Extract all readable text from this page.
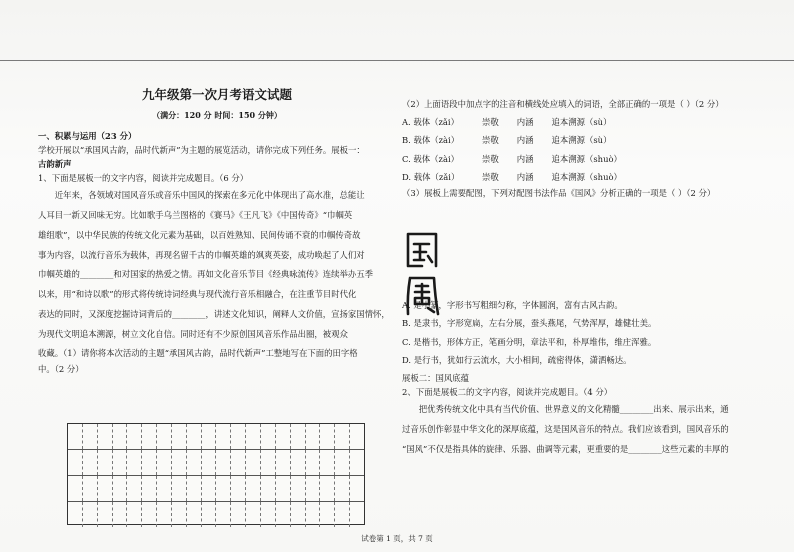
九年级第一次月考语文试题

（满分：120 分 时间：150 分钟）

一、积累与运用（23 分）

学校开展以“承国风古韵，品时代新声”为主题的展览活动，请你完成下列任务。展板一：

古韵新声

1、下面是展板一的文字内容，阅读并完成题目。（6 分）

近年来，各领域对国风音乐或音乐中国风的探索在多元化中体现出了高水准，总能让

人耳目一新又回味无穷。比如歌手乌兰图格的《赛马》《王凡飞》《中国传奇》“巾帼英

雄组歌”，以中华民族的传统文化元素为基础，以百姓熟知、民间传诵不衰的巾帼传奇故

事为内容，以流行音乐为载体，再现名留千古的巾帼英雄的飒爽英姿，成功唤起了人们对

巾帼英雄的________和对国家的热爱之情。再如文化音乐节目《经典咏流传》连续举办五季

以来，用“和诗以歌”的形式将传统诗词经典与现代流行音乐相融合，在注重节目时代化

表达的同时，又深度挖掘诗词背后的________，讲述文化知识，阐释人文价值，宣扬家国情怀，

为现代文明追本溯源，树立文化自信。同时还有不少原创国风音乐作品出圈，被观众

收藏。（1）请你将本次活动的主题“承国风古韵，品时代新声”工整地写在下面的田字格

中。（2 分）

（2）上面语段中加点字的注音和横线处应填入的词语，全部正确的一项是（ ）（2 分）

A. 载体（zǎi）	崇敬 内涵 追本溯源（sù）
B. 载体（zài）	崇敬 内涵 追本溯源（sù）
C. 载体（zài）	崇敬 内涵 追本溯源（shuò）
D. 载体（zǎi）	崇敬 内涵 追本溯源（shuò）

（3）展板上需要配图，下列对配图书法作品《国风》分析正确的一项是（ ）（2 分）

A. 是小篆，字形书写粗细匀称，字体圆润，富有古风古韵。

B. 是隶书，字形宽扁，左右分展，蚕头燕尾，气势浑厚，雄健壮美。

C. 是楷书，形体方正，笔画分明，章法平和，朴厚堆伟，维庄浑雅。

D. 是行书，犹如行云流水，大小相间，疏密得体，潇洒畅达。

展板二：国风底蕴

2、下面是展板二的文字内容，阅读并完成题目。（4 分）

把优秀传统文化中具有当代价值、世界意义的文化精髓________出来、展示出来，通

过音乐创作彰显中华文化的深厚底蕴，这是国风音乐的特点。我们应该看到，国风音乐的

“国风”不仅是指具体的旋律、乐器、曲调等元素，更重要的是________这些元素的丰厚的

试卷第 1 页，共 7 页
